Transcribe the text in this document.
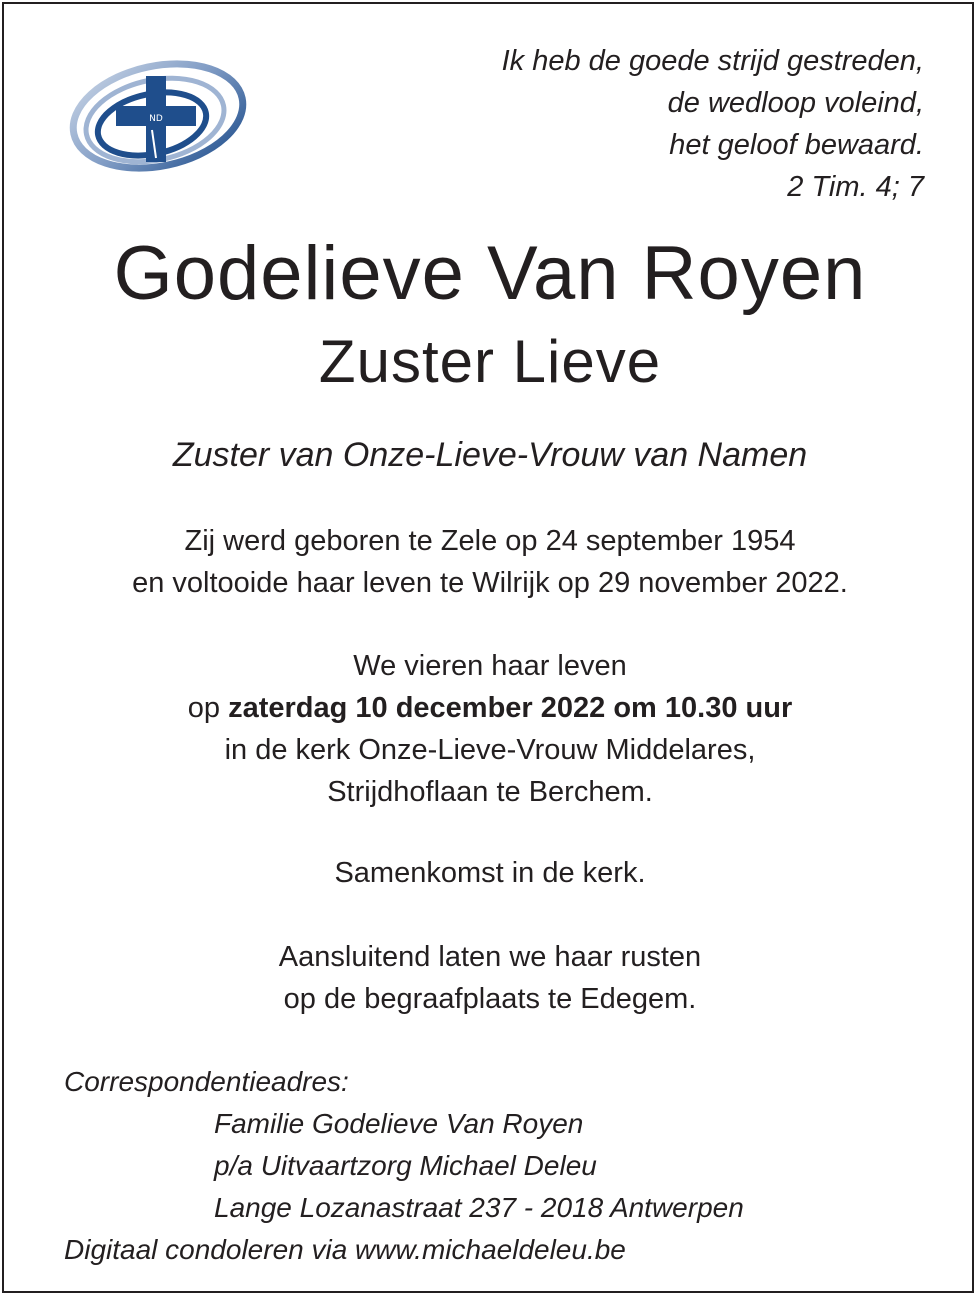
ND
Ik heb de goede strijd gestreden,
de wedloop voleind,
het geloof bewaard.
2 Tim. 4; 7
Godelieve Van Royen
Zuster Lieve
Zuster van Onze-Lieve-Vrouw van Namen
Zij werd geboren te Zele op 24 september 1954
en voltooide haar leven te Wilrijk op 29 november 2022.
We vieren haar leven
op zaterdag 10 december 2022 om 10.30 uur
in de kerk Onze-Lieve-Vrouw Middelares,
Strijdhoflaan te Berchem.
Samenkomst in de kerk.
Aansluitend laten we haar rusten
op de begraafplaats te Edegem.
Correspondentieadres:
Familie Godelieve Van Royen
p/a Uitvaartzorg Michael Deleu
Lange Lozanastraat 237 - 2018 Antwerpen
Digitaal condoleren via www.michaeldeleu.be
